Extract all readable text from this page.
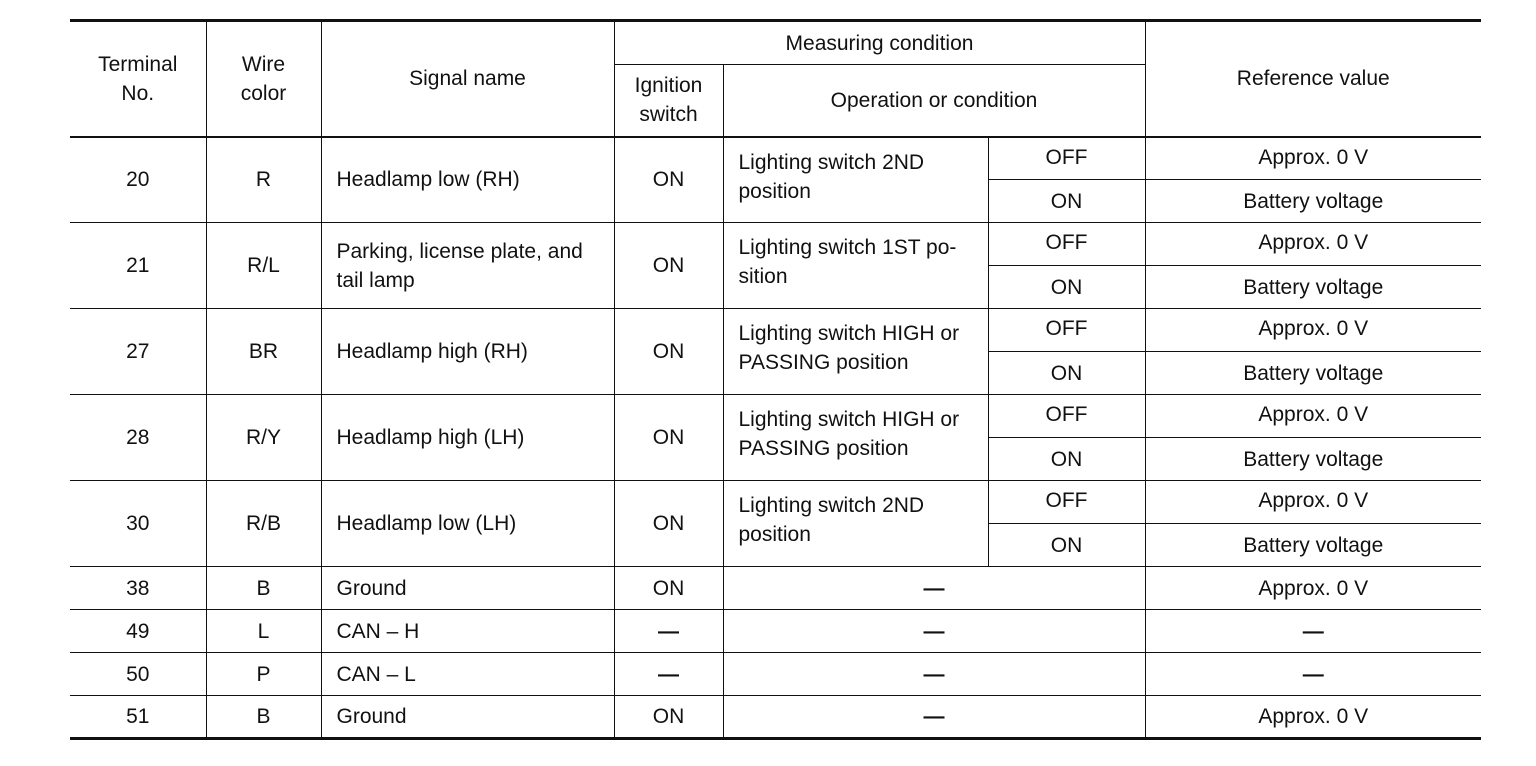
Terminal No.	Wire color	Signal name	Measuring condition			Reference value
			Ignition switch	Operation or condition		
20	R	Headlamp low (RH)	ON	Lighting switch 2ND position	OFF	Approx. 0 V
					ON	Battery voltage
21	R/L	Parking, license plate, and tail lamp	ON	Lighting switch 1ST po-sition	OFF	Approx. 0 V
					ON	Battery voltage
27	BR	Headlamp high (RH)	ON	Lighting switch HIGH or PASSING position	OFF	Approx. 0 V
					ON	Battery voltage
28	R/Y	Headlamp high (LH)	ON	Lighting switch HIGH or PASSING position	OFF	Approx. 0 V
					ON	Battery voltage
30	R/B	Headlamp low (LH)	ON	Lighting switch 2ND position	OFF	Approx. 0 V
					ON	Battery voltage
38	B	Ground	ON	—		Approx. 0 V
49	L	CAN – H	—	—		—
50	P	CAN – L	—	—		—
51	B	Ground	ON	—		Approx. 0 V
